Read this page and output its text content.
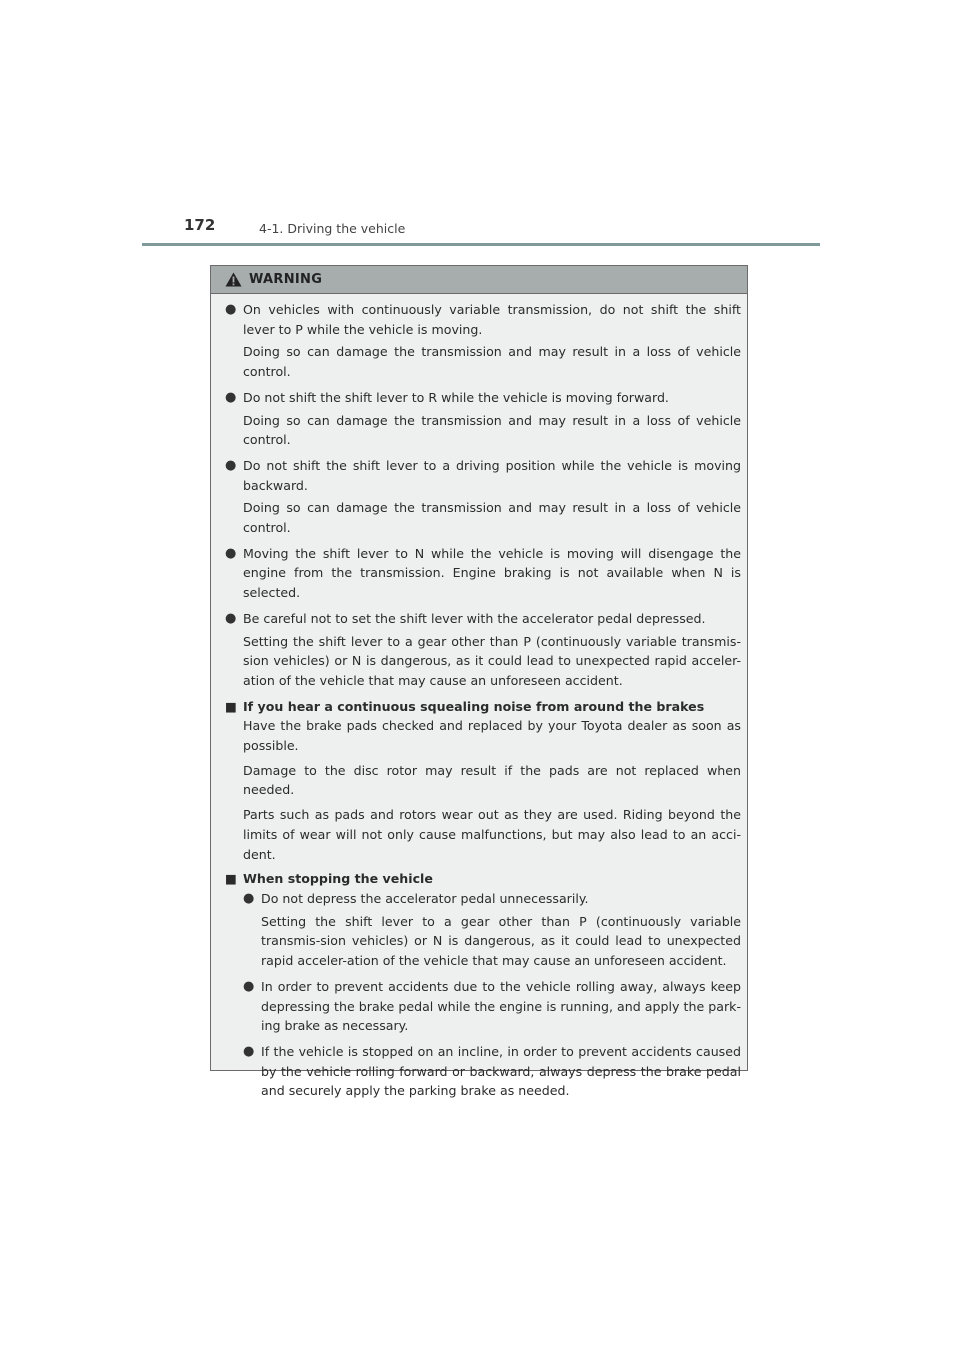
172	4-1. Driving the vehicle
WARNING
● On vehicles with continuously variable transmission, do not shift the shift lever to P while the vehicle is moving.

Doing so can damage the transmission and may result in a loss of vehicle control.

● Do not shift the shift lever to R while the vehicle is moving forward.

Doing so can damage the transmission and may result in a loss of vehicle control.

● Do not shift the shift lever to a driving position while the vehicle is moving backward.

Doing so can damage the transmission and may result in a loss of vehicle control.

● Moving the shift lever to N while the vehicle is moving will disengage the engine from the transmission. Engine braking is not available when N is selected.

● Be careful not to set the shift lever with the accelerator pedal depressed.

Setting the shift lever to a gear other than P (continuously variable transmis-sion vehicles) or N is dangerous, as it could lead to unexpected rapid acceler-ation of the vehicle that may cause an unforeseen accident.

■ If you hear a continuous squealing noise from around the brakes

Have the brake pads checked and replaced by your Toyota dealer as soon as possible.

Damage to the disc rotor may result if the pads are not replaced when needed.

Parts such as pads and rotors wear out as they are used. Riding beyond the limits of wear will not only cause malfunctions, but may also lead to an acci-dent.

■ When stopping the vehicle
● Do not depress the accelerator pedal unnecessarily.

Setting the shift lever to a gear other than P (continuously variable transmis-sion vehicles) or N is dangerous, as it could lead to unexpected rapid acceler-ation of the vehicle that may cause an unforeseen accident.

● In order to prevent accidents due to the vehicle rolling away, always keep depressing the brake pedal while the engine is running, and apply the park-ing brake as necessary.

● If the vehicle is stopped on an incline, in order to prevent accidents caused by the vehicle rolling forward or backward, always depress the brake pedal and securely apply the parking brake as needed.
